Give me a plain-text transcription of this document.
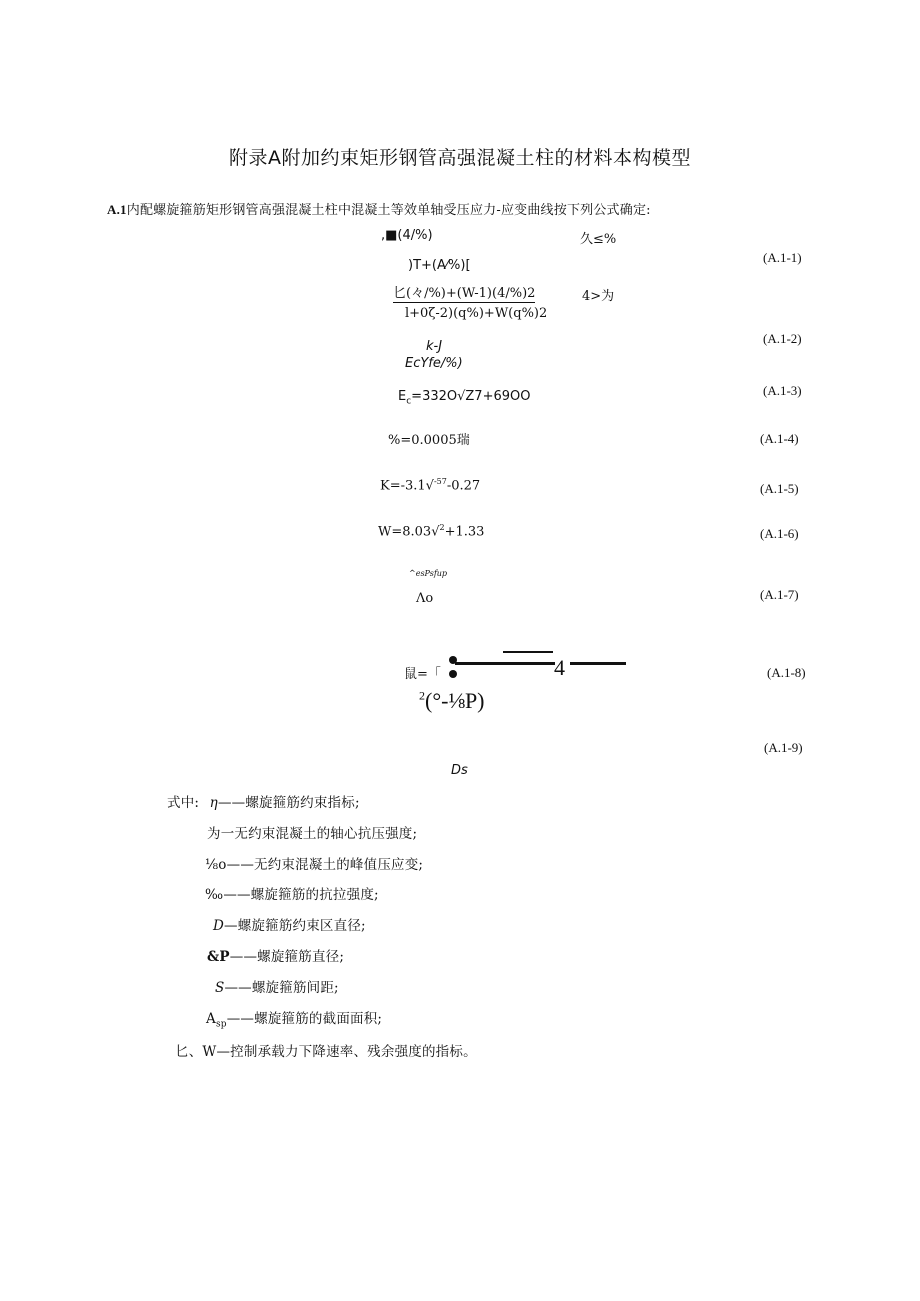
附录A附加约束矩形钢管高强混凝土柱的材料本构模型
A.1内配螺旋箍筋矩形钢管高强混凝土柱中混凝土等效单轴受压应力-应变曲线按下列公式确定:
,■(4/%)	久≤%
)T+(A⁄%)[
(A.1-1)
匕(々/%)+(W-1)(4/%)2	4>为
l+0ζ-2)(q%)+W(q%)2
k-J
EcYfe/%)
(A.1-2)
$E_c=332O√Z7+69OO$	(A.1-3)
%=0.0005瑞	(A.1-4)
K=-3.1√$^{-57}$-0.27	(A.1-5)
W=8.03√$^2$+1.33	(A.1-6)
^esPsfup
Λo	(A.1-7)
鼠=「	4
$^2$(°-⅛P)
(A.1-8)
(A.1-9)
Ds
式中: η——螺旋箍筋约束指标;
为一无约束混凝土的轴心抗压强度;
⅛o——无约束混凝土的峰值压应变;
‰——螺旋箍筋的抗拉强度;
D—螺旋箍筋约束区直径;
&P——螺旋箍筋直径;
S——螺旋箍筋间距;
$A_{sp}——$螺旋箍筋的截面面积;
匕、W—控制承载力下降速率、残余强度的指标。
